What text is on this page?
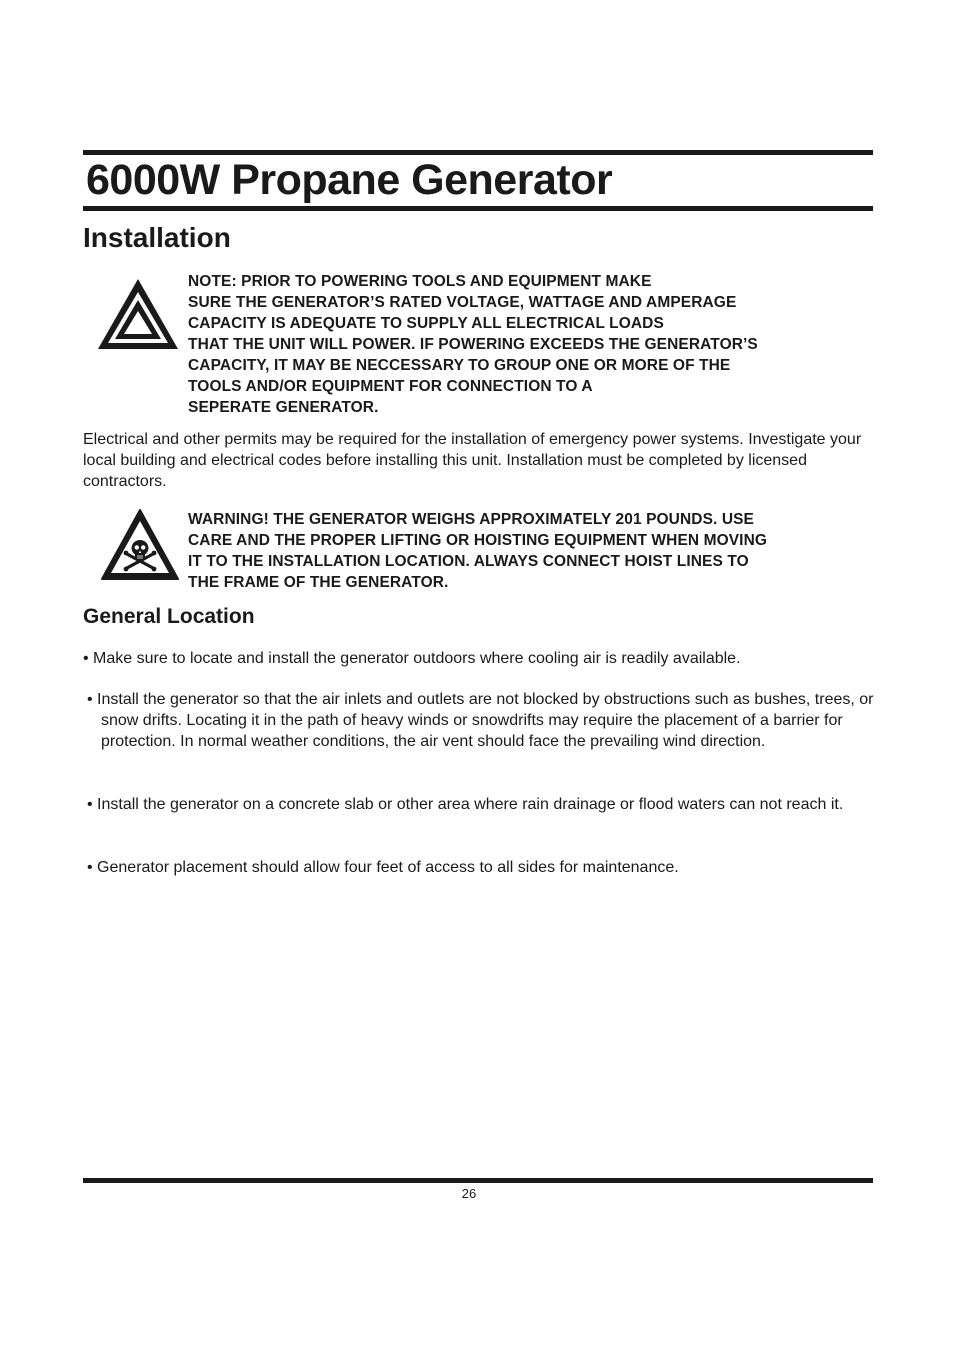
6000W Propane Generator
Installation
NOTE: PRIOR TO POWERING TOOLS AND EQUIPMENT MAKE
SURE THE GENERATOR’S RATED VOLTAGE, WATTAGE AND AMPERAGE
CAPACITY IS ADEQUATE TO SUPPLY ALL ELECTRICAL LOADS
THAT THE UNIT WILL POWER. IF POWERING EXCEEDS THE GENERATOR’S
CAPACITY, IT MAY BE NECCESSARY TO GROUP ONE OR MORE OF THE
TOOLS AND/OR EQUIPMENT FOR CONNECTION TO A
SEPERATE GENERATOR.

Electrical and other permits may be required for the installation of emergency power systems. Investigate your local building and electrical codes before installing this unit. Installation must be completed by licensed contractors.

WARNING! THE GENERATOR WEIGHS APPROXIMATELY 201 POUNDS. USE
CARE AND THE PROPER LIFTING OR HOISTING EQUIPMENT WHEN MOVING
IT TO THE INSTALLATION LOCATION. ALWAYS CONNECT HOIST LINES TO
THE FRAME OF THE GENERATOR.
General Location

• Make sure to locate and install the generator outdoors where cooling air is readily available.

• Install the generator so that the air inlets and outlets are not blocked by obstructions such as bushes, trees, or snow drifts. Locating it in the path of heavy winds or snowdrifts may require the placement of a barrier for protection. In normal weather conditions, the air vent should face the prevailing wind direction.

• Install the generator on a concrete slab or other area where rain drainage or flood waters can not reach it.

• Generator placement should allow four feet of access to all sides for maintenance.

26
